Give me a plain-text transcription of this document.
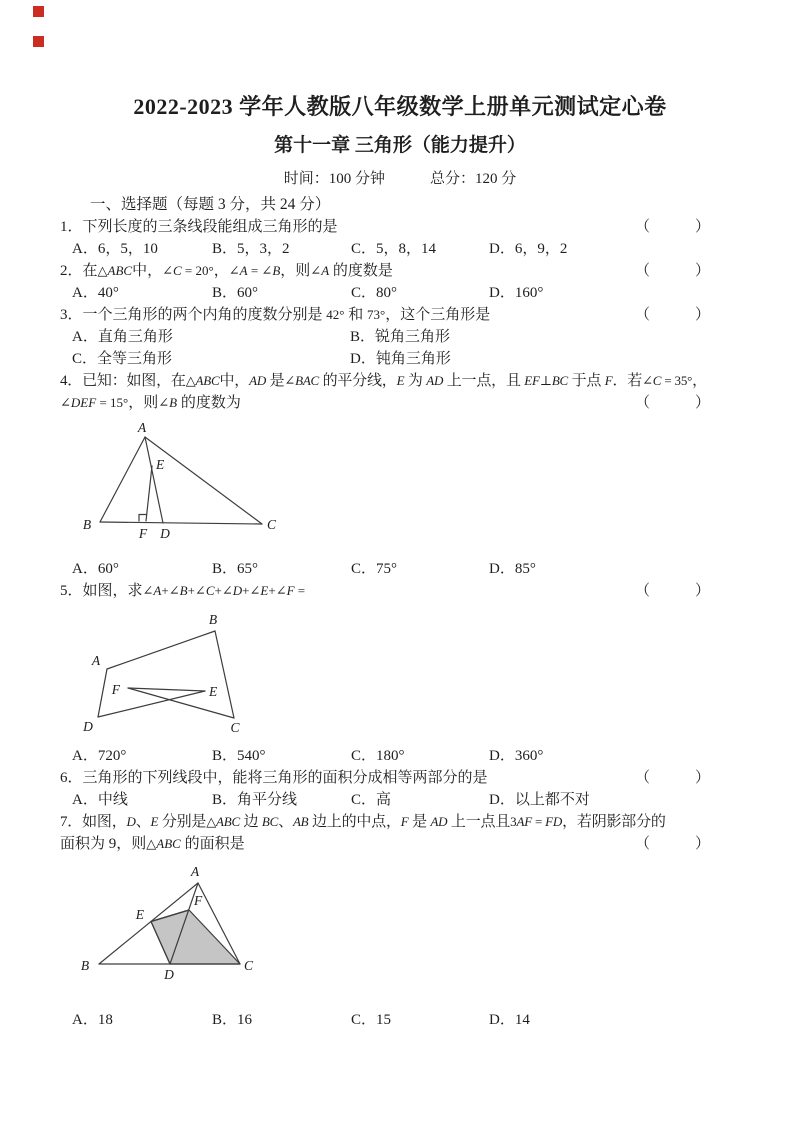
2022-2023 学年人教版八年级数学上册单元测试定心卷
第十一章 三角形（能力提升）
时间：100 分钟	总分：120 分
一、选择题（每题 3 分，共 24 分）
1．下列长度的三条线段能组成三角形的是	（　　　）
A．6，5，10	B．5，3，2	C．5，8，14	D．6，9，2
2．在△ABC中，∠C = 20°，∠A = ∠B，则∠A 的度数是	（　　　）
A．40°	B．60°	C．80°	D．160°
3．一个三角形的两个内角的度数分别是 42° 和 73°，这个三角形是	（　　　）
A．直角三角形	B．锐角三角形
C．全等三角形	D．钝角三角形
4．已知：如图，在△ABC中，AD 是∠BAC 的平分线，E 为 AD 上一点，且 EF⊥BC 于点 F．若∠C = 35°，
∠DEF = 15°，则∠B 的度数为	（　　　）
A
E
B
F D
C
A．60°	B．65°	C．75°	D．85°
5．如图，求∠A+∠B+∠C+∠D+∠E+∠F =	（　　　）
B
A
F	E
D	C
A．720°	B．540°	C．180°	D．360°
6．三角形的下列线段中，能将三角形的面积分成相等两部分的是	（　　　）
A．中线	B．角平分线	C．高	D．以上都不对
7．如图，D、E 分别是△ABC 边 BC、AB 边上的中点，F 是 AD 上一点且3AF = FD，若阴影部分的
面积为 9，则△ABC 的面积是	（　　　）
A
F
E
B
D
C
A．18	B．16	C．15	D．14
